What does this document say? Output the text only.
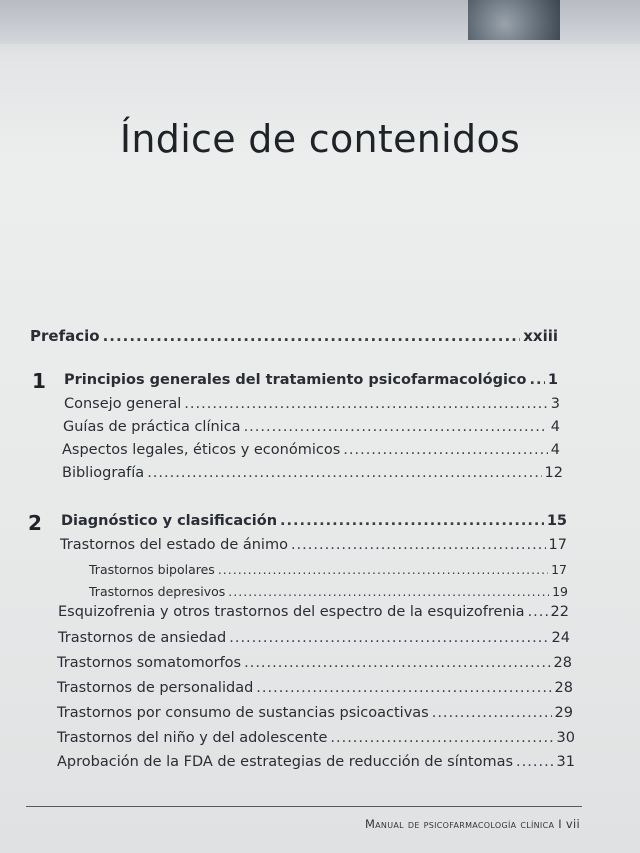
Índice de contenidos
Prefacio .....	xxiii
1 Principios generales del tratamiento psicofarmacológico ..... 1
Consejo general .....	3
Guías de práctica clínica .....	4
Aspectos legales, éticos y económicos .....	4
Bibliografía .....	12
2 Diagnóstico y clasificación .....	15
Trastornos del estado de ánimo .....	17
Trastornos bipolares .....	17
Trastornos depresivos .....	19
Esquizofrenia y otros trastornos del espectro de la esquizofrenia ..... 22
Trastornos de ansiedad .....	24
Trastornos somatomorfos .....	28
Trastornos de personalidad .....	28
Trastornos por consumo de sustancias psicoactivas .....	29
Trastornos del niño y del adolescente .....	30
Aprobación de la FDA de estrategias de reducción de síntomas .....	31
Manual de psicofarmacología clínica I vii
